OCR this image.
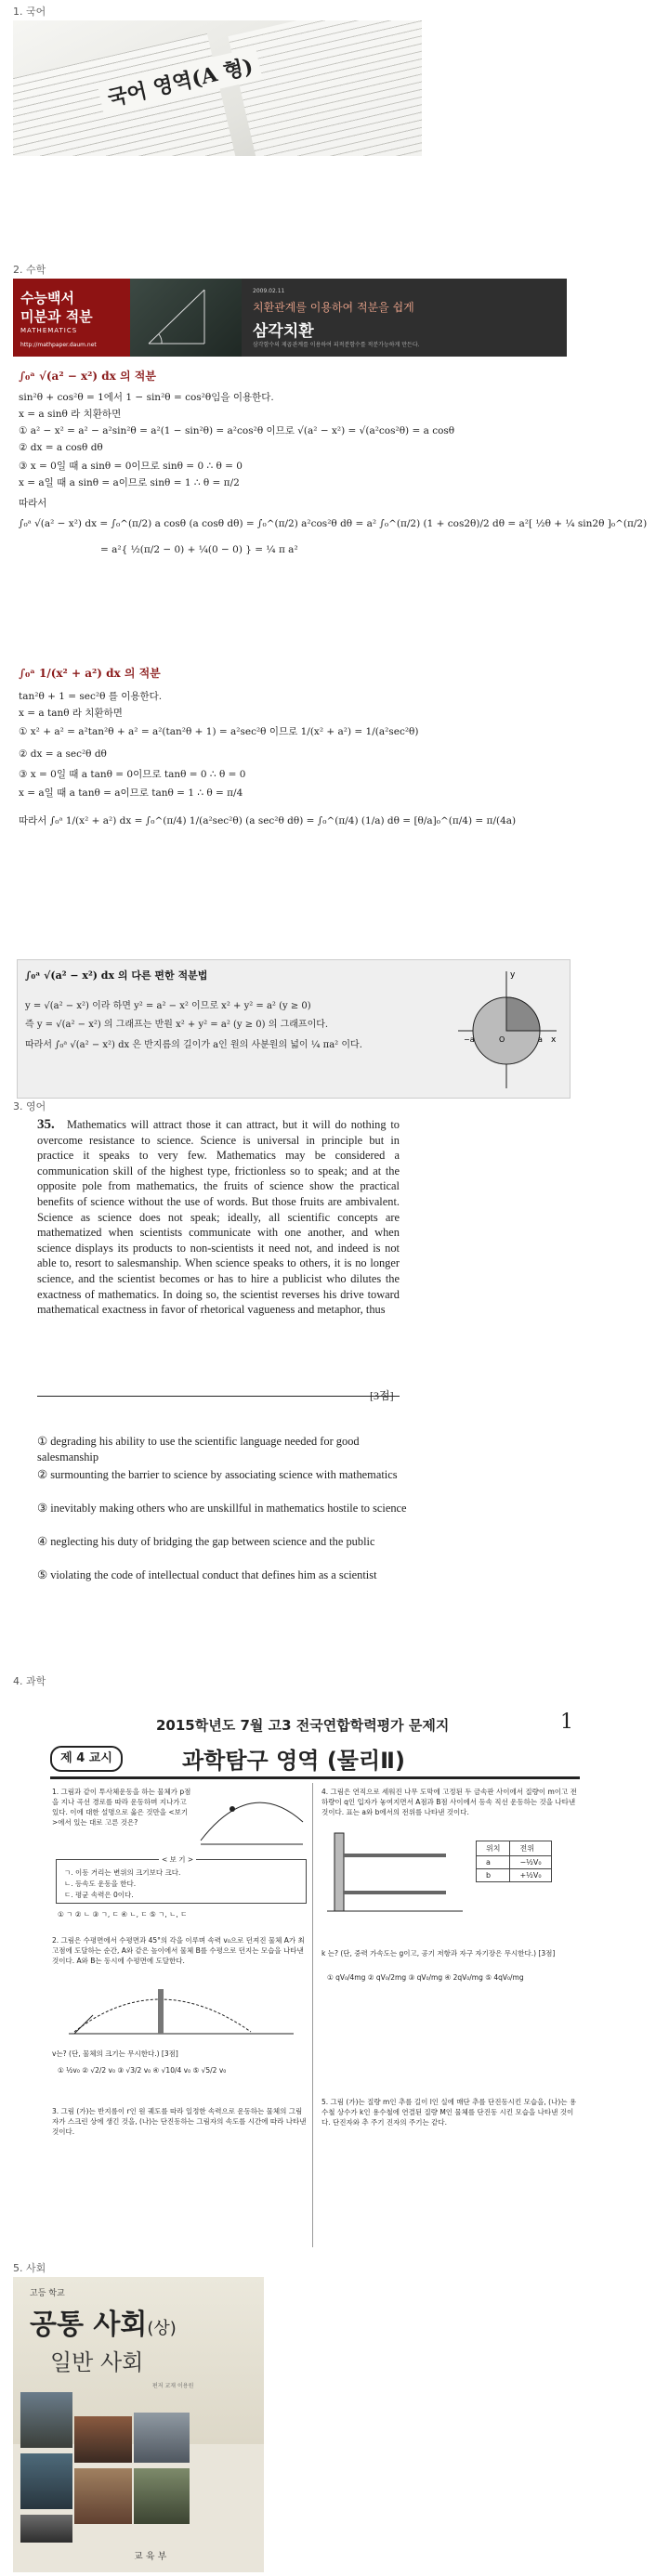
1. 국어
국어 영역(A 형)
2. 수학
수능백서
미분과 적분
MATHEMATICS
http://mathpaper.daum.net
2009.02.11
치환관계를 이용하여 적분을 쉽게
삼각치환
삼각함수의 제곱관계를 이용하여 피적분함수를 적분가능하게 만든다.
∫₀ᵃ √(a² − x²) dx 의 적분
sin²θ + cos²θ = 1에서 1 − sin²θ = cos²θ임을 이용한다.
x = a sinθ 라 치환하면
① a² − x² = a² − a²sin²θ = a²(1 − sin²θ) = a²cos²θ 이므로 √(a² − x²) = √(a²cos²θ) = a cosθ
② dx = a cosθ dθ
③ x = 0일 때 a sinθ = 0이므로 sinθ = 0 ∴ θ = 0
x = a일 때 a sinθ = a이므로 sinθ = 1 ∴ θ = π/2
따라서
∫₀ᵃ √(a² − x²) dx = ∫₀^(π/2) a cosθ (a cosθ dθ) = ∫₀^(π/2) a²cos²θ dθ = a² ∫₀^(π/2) (1 + cos2θ)/2 dθ = a²[ ½θ + ¼ sin2θ ]₀^(π/2)
= a²{ ½(π/2 − 0) + ¼(0 − 0) } = ¼ π a²
∫₀ᵃ 1/(x² + a²) dx 의 적분
tan²θ + 1 = sec²θ 를 이용한다.
x = a tanθ 라 치환하면
① x² + a² = a²tan²θ + a² = a²(tan²θ + 1) = a²sec²θ 이므로 1/(x² + a²) = 1/(a²sec²θ)
② dx = a sec²θ dθ
③ x = 0일 때 a tanθ = 0이므로 tanθ = 0 ∴ θ = 0
x = a일 때 a tanθ = a이므로 tanθ = 1 ∴ θ = π/4
따라서 ∫₀ᵃ 1/(x² + a²) dx = ∫₀^(π/4) 1/(a²sec²θ) (a sec²θ dθ) = ∫₀^(π/4) (1/a) dθ = [θ/a]₀^(π/4) = π/(4a)
∫₀ᵃ √(a² − x²) dx 의 다른 편한 적분법
y = √(a² − x²) 이라 하면 y² = a² − x² 이므로 x² + y² = a² (y ≥ 0)
즉 y = √(a² − x²) 의 그래프는 반원 x² + y² = a² (y ≥ 0) 의 그래프이다.
따라서 ∫₀ᵃ √(a² − x²) dx 은 반지름의 길이가 a인 원의 사분원의 넓이 ¼ πa² 이다.	x
y
a
−a	O
3. 영어
35.	Mathematics will attract those it can attract, but it will do nothing to overcome resistance to science. Science is universal in principle but in practice it speaks to very few. Mathematics may be considered a communication skill of the highest type, frictionless so to speak; and at the opposite pole from mathematics, the fruits of science show the practical benefits of science without the use of words. But those fruits are ambivalent. Science as science does not speak; ideally, all scientific concepts are mathematized when scientists communicate with one another, and when science displays its products to non-scientists it need not, and indeed is not able to, resort to salesmanship. When science speaks to others, it is no longer science, and the scientist becomes or has to hire a publicist who dilutes the exactness of mathematics. In doing so, the scientist reverses his drive toward mathematical exactness in favor of rhetorical vagueness and metaphor, thus
[3점]
① degrading his ability to use the scientific language needed for good salesmanship
② surmounting the barrier to science by associating science with mathematics
③ inevitably making others who are unskillful in mathematics hostile to science
④ neglecting his duty of bridging the gap between science and the public
⑤ violating the code of intellectual conduct that defines him as a scientist
4. 과학
2015학년도 7월 고3 전국연합학력평가 문제지	1
제 4 교시	과학탐구 영역 (물리Ⅱ)
1. 그림과 같이 투사체운동을 하는 물체가 p점을 지나 곡선 경로를 따라 운동하며 지나가고 있다. 이에 대한 설명으로 옳은 것만을 <보기>에서 있는 대로 고른 것은?
< 보 기 >
ㄱ. 이동 거리는 변위의 크기보다 크다.
ㄴ. 등속도 운동을 한다.
ㄷ. 평균 속력은 0이다.
① ㄱ ② ㄴ ③ ㄱ, ㄷ ④ ㄴ, ㄷ ⑤ ㄱ, ㄴ, ㄷ
2. 그림은 수평면에서 수평면과 45°의 각을 이루며 속력 v₀으로 던져진 물체 A가 최고점에 도달하는 순간, A와 같은 높이에서 물체 B를 수평으로 던지는 모습을 나타낸 것이다. A와 B는 동시에 수평면에 도달한다.
v는? (단, 물체의 크기는 무시한다.) [3점]
① ½v₀ ② √2/2 v₀ ③ √3/2 v₀ ④ √10/4 v₀ ⑤ √5/2 v₀
3. 그림 (가)는 반지름이 r인 원 궤도를 따라 일정한 속력으로 운동하는 물체의 그림자가 스크린 상에 생긴 것을, (나)는 단진동하는 그림자의 속도를 시간에 따라 나타낸 것이다.
4. 그림은 연직으로 세워진 나무 도막에 고정된 두 금속판 사이에서 질량이 m이고 전하량이 q인 입자가 놓여지면서 A점과 B점 사이에서 등속 직선 운동하는 것을 나타낸 것이다. 표는 a와 b에서의 전위를 나타낸 것이다.
위치	전위
a	−½V₀
b	+½V₀
k 는? (단, 중력 가속도는 g이고, 공기 저항과 자구 자기장은 무시한다.) [3점]
① qV₀/4mg ② qV₀/2mg ③ qV₀/mg ④ 2qV₀/mg ⑤ 4qV₀/mg
5. 그림 (가)는 질량 m인 추를 길이 l인 실에 매단 추를 단진동시킨 모습을, (나)는 용수철 상수가 k인 용수철에 연결된 질량 M인 물체를 단진동 시킨 모습을 나타낸 것이다. 단진자와 추 주기 진자의 주기는 같다.
5. 사회
고등 학교
공통 사회(상)
일반 사회
편저 교재 이용원
교 육 부
